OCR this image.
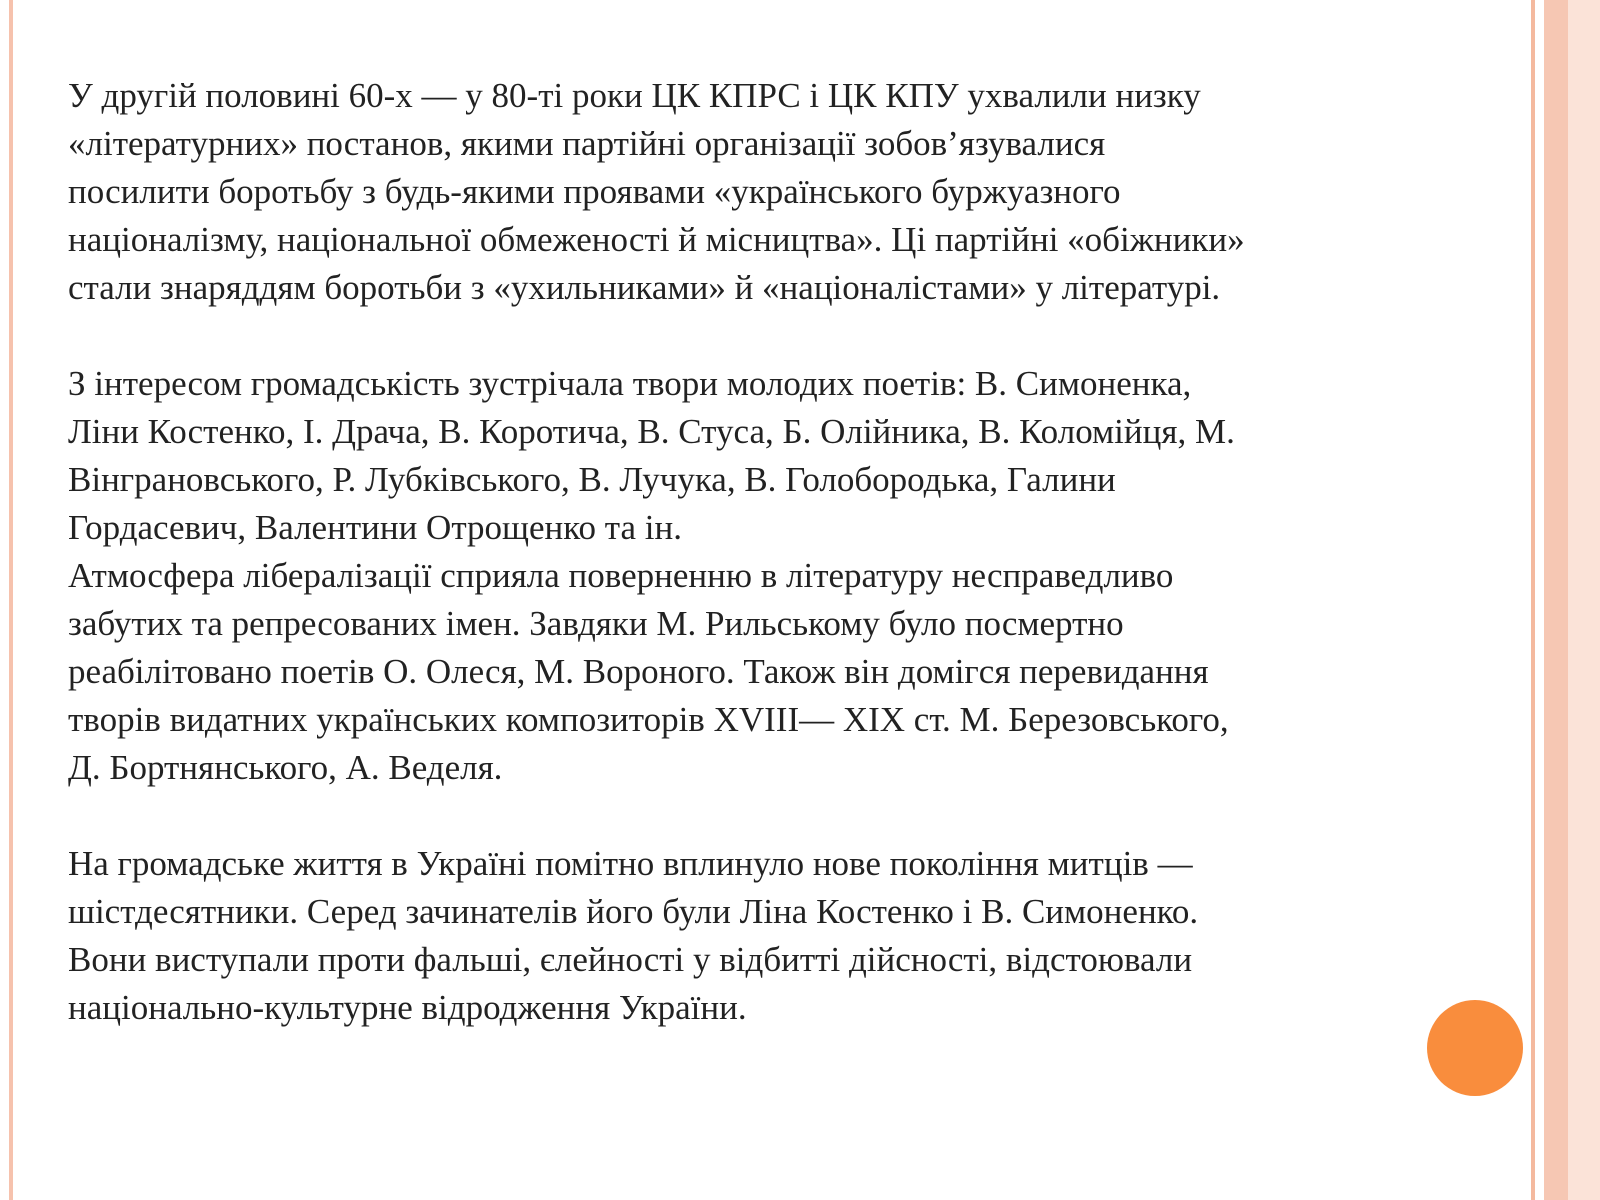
У другій половині 60-х — у 80-ті роки ЦК КПРС і ЦК КПУ ухвалили низку
«літературних» постанов, якими партійні організації зобов’язувалися
посилити боротьбу з будь-якими проявами «українського буржуазного
націоналізму, національної обмеженості й місництва». Ці партійні «обіжники»
стали знаряддям боротьби з «ухильниками» й «націоналістами» у літературі.
З інтересом громадськість зустрічала твори молодих поетів: В. Симоненка,
Ліни Костенко, І. Драча, В. Коротича, В. Стуса, Б. Олійника, В. Коломійця, М.
Вінграновського, Р. Лубківського, В. Лучука, В. Голобородька, Галини
Гордасевич, Валентини Отрощенко та ін.
Атмосфера лібералізації сприяла поверненню в літературу несправедливо
забутих та репресованих імен. Завдяки М. Рильському було посмертно
реабілітовано поетів О. Олеся, М. Вороного. Також він домігся перевидання
творів видатних українських композиторів XVIII— XIX ст. М. Березовського,
Д. Бортнянського, А. Веделя.
На громадське життя в Україні помітно вплинуло нове покоління митців —
шістдесятники. Серед зачинателів його були Ліна Костенко і В. Симоненко.
Вони виступали проти фальші, єлейності у відбитті дійсності, відстоювали
національно-культурне відродження України.
